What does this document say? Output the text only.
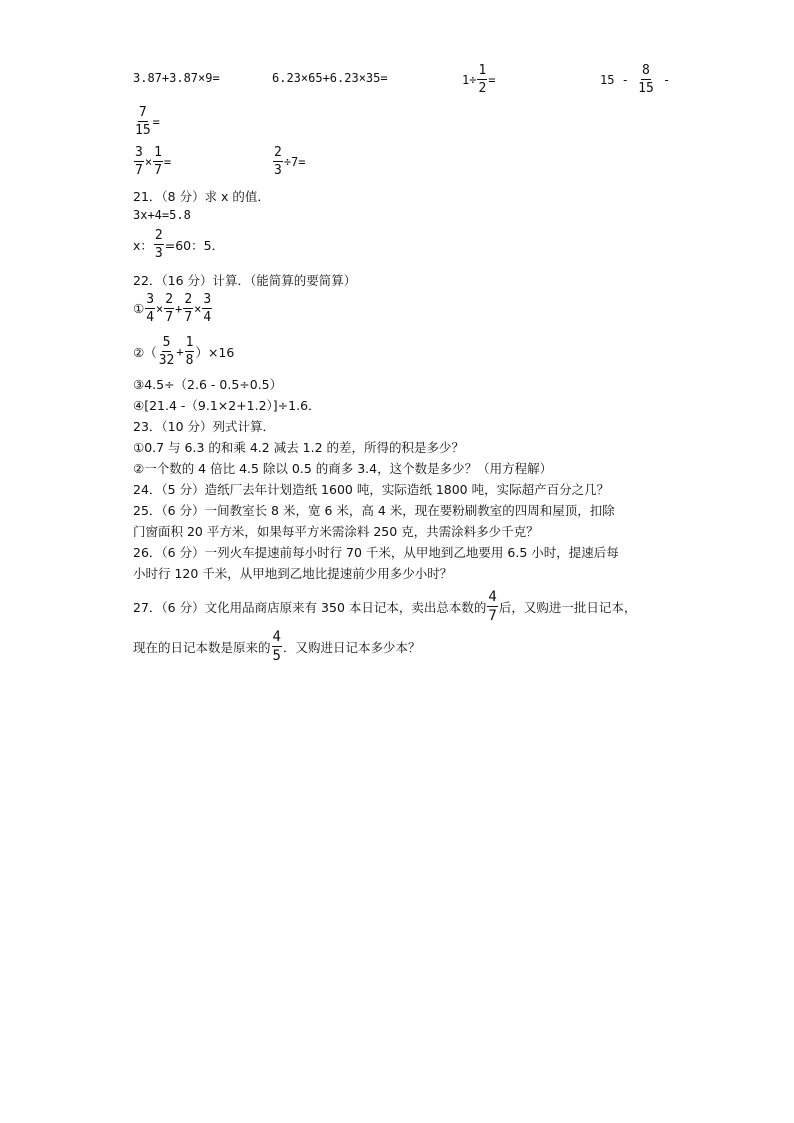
3.87+3.87×9=	6.23×65+6.23×35=	$1\div \frac{1}{2}$ =	$15 - \frac{8}{15}$ -
$\frac{7}{15}$ =
$\frac{3}{7} \times \frac{1}{7}$ =	$\frac{2}{3} \div 7=$
21．（8 分）求 x 的值．
3x+4=5.8
x： $\frac{2}{3} =60$：5．
22．（16 分）计算．（能简算的要简算）
① $\frac{3}{4} \times \frac{2}{7} + \frac{2}{7} \times \frac{3}{4}$
②（ $\frac{5}{32} + \frac{1}{8} )\times 16$
③4.5÷（2.6 - 0.5÷0.5）
④[21.4 -（9.1×2+1.2）]÷1.6．
23．（10 分）列式计算．
①0.7 与 6.3 的和乘 4.2 减去 1.2 的差，所得的积是多少？
②一个数的 4 倍比 4.5 除以 0.5 的商多 3.4，这个数是多少？（用方程解）
24．（5 分）造纸厂去年计划造纸 1600 吨，实际造纸 1800 吨，实际超产百分之几？
25．（6 分）一间教室长 8 米，宽 6 米，高 4 米，现在要粉刷教室的四周和屋顶，扣除
门窗面积 20 平方米，如果每平方米需涂料 250 克，共需涂料多少千克？
26．（6 分）一列火车提速前每小时行 70 千米，从甲地到乙地要用 6.5 小时，提速后每
小时行 120 千米，从甲地到乙地比提速前少用多少小时？
27．（6 分）文化用品商店原来有 350 本日记本，卖出总本数的 $\frac{4}{7}$ 后，又购进一批日记本，
现在的日记本数是原来的 $\frac{4}{5}$ ．又购进日记本多少本？
